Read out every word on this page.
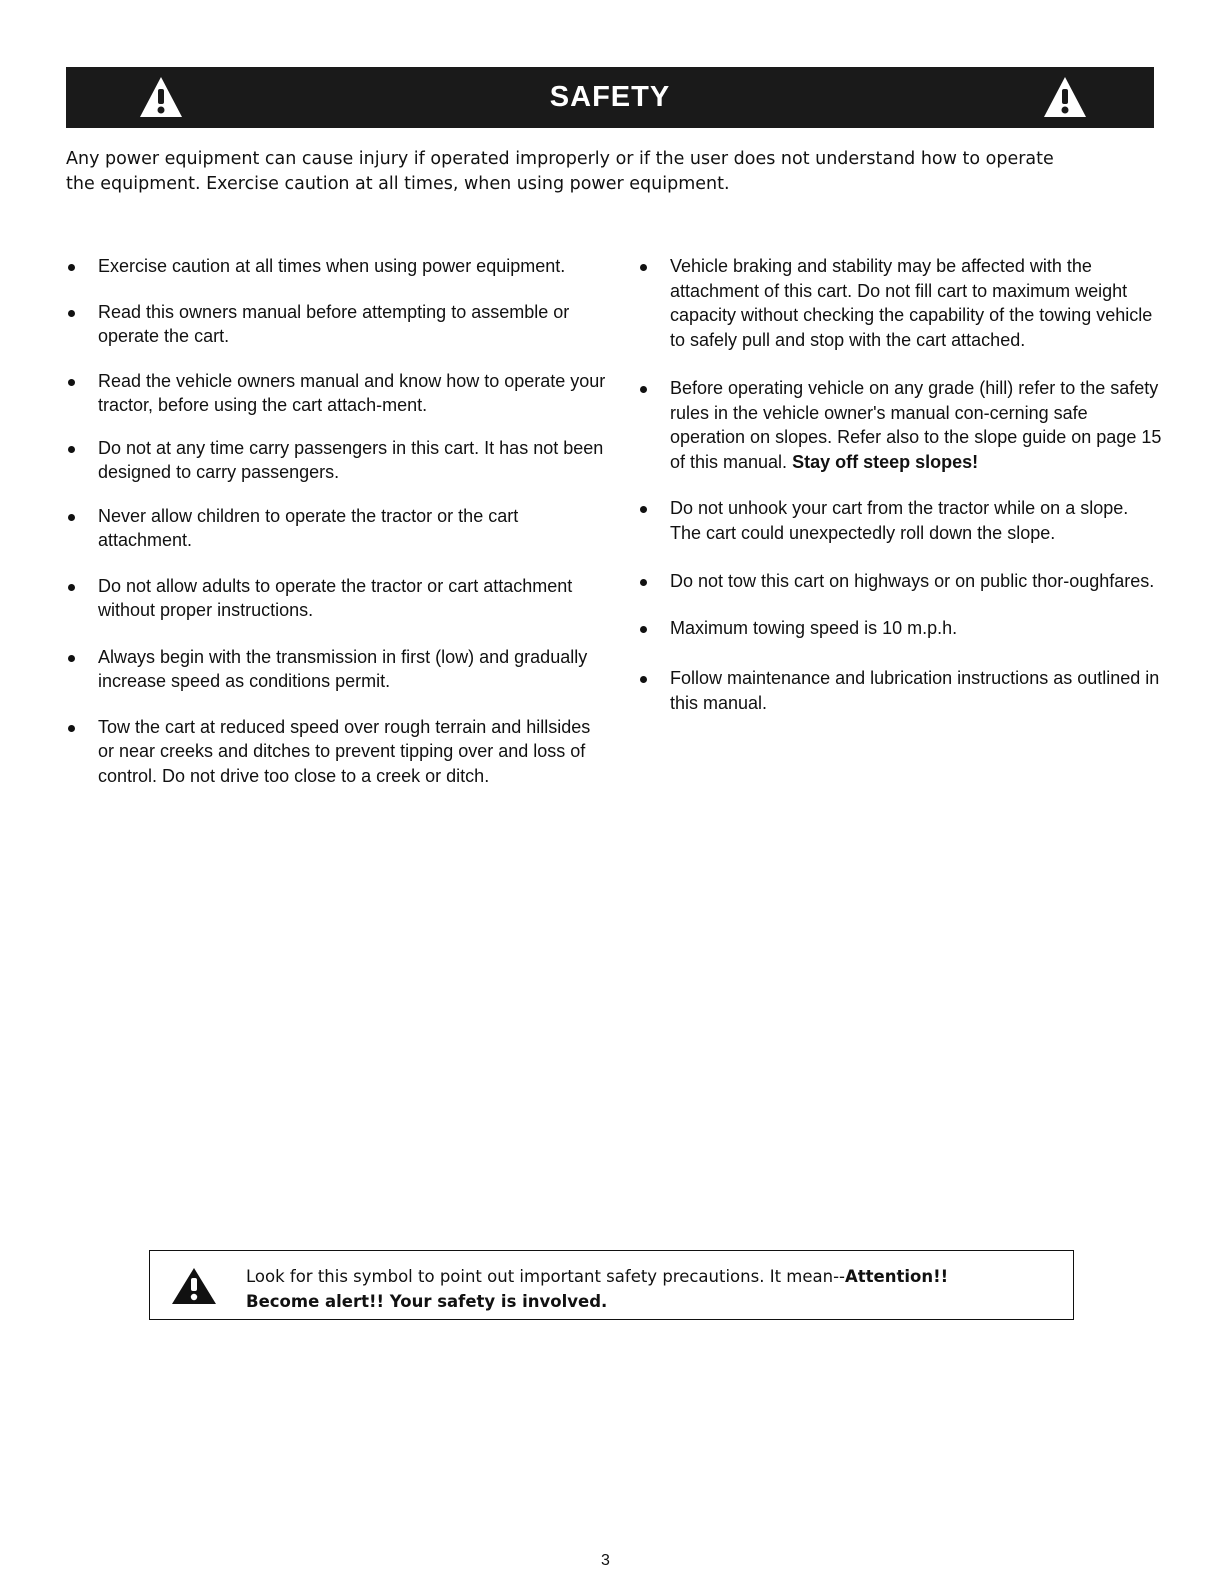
SAFETY
Any power equipment can cause injury if operated improperly or if the user does not understand how to operate
the equipment. Exercise caution at all times, when using power equipment.
Exercise caution at all times when using power equipment.
Read this owners manual before attempting to assemble or operate the cart.
Read the vehicle owners manual and know how to operate your tractor, before using the cart attach-ment.
Do not at any time carry passengers in this cart. It has not been designed to carry passengers.
Never allow children to operate the tractor or the cart attachment.
Do not allow adults to operate the tractor or cart attachment without proper instructions.
Always begin with the transmission in first (low) and gradually increase speed as conditions permit.
Tow the cart at reduced speed over rough terrain and hillsides or near creeks and ditches to prevent tipping over and loss of control. Do not drive too close to a creek or ditch.
Vehicle braking and stability may be affected with the attachment of this cart. Do not fill cart to maximum weight capacity without checking the capability of the towing vehicle to safely pull and stop with the cart attached.
Before operating vehicle on any grade (hill) refer to the safety rules in the vehicle owner's manual con-cerning safe operation on slopes. Refer also to the slope guide on page 15 of this manual. Stay off steep slopes!
Do not unhook your cart from the tractor while on a slope. The cart could unexpectedly roll down the slope.
Do not tow this cart on highways or on public thor-oughfares.
Maximum towing speed is 10 m.p.h.
Follow maintenance and lubrication instructions as outlined in this manual.
Look for this symbol to point out important safety precautions. It mean--Attention!!
Become alert!! Your safety is involved.
3
